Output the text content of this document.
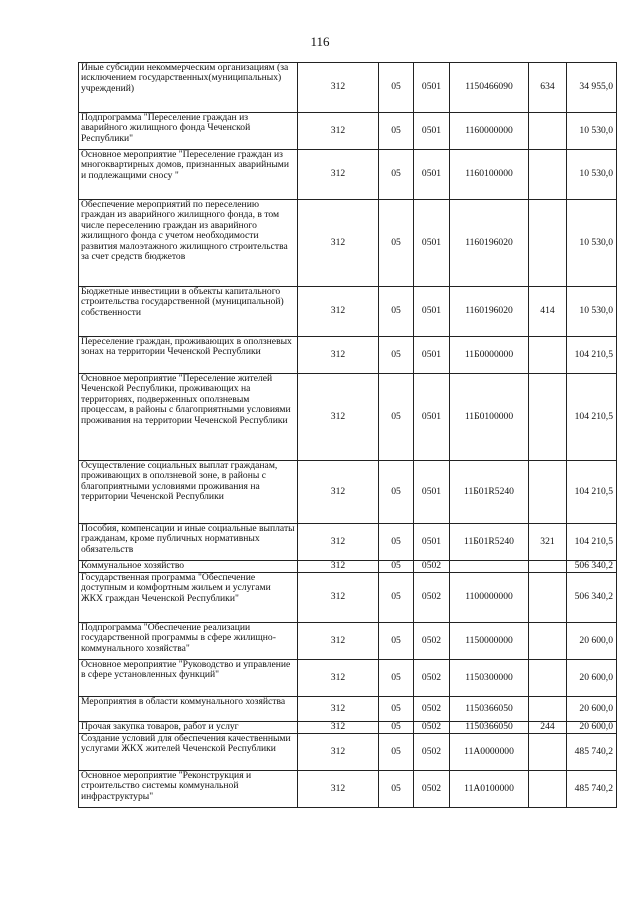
116
Иные субсидии некоммерческим организациям (за исключением государственных(муниципальных) учреждений)	312	05	0501	1150466090	634	34 955,0
Подпрограмма "Переселение граждан из аварийного жилищного фонда Чеченской Республики"	312	05	0501	1160000000		10 530,0
Основное мероприятие "Переселение граждан из многоквартирных домов, признанных аварийными и подлежащими сносу "	312	05	0501	1160100000		10 530,0
Обеспечение мероприятий по переселению граждан из аварийного жилищного фонда, в том числе переселению граждан из аварийного жилищного фонда с учетом необходимости развития малоэтажного жилищного строительства за счет средств бюджетов	312	05	0501	1160196020		10 530,0
Бюджетные инвестиции в объекты капитального строительства государственной (муниципальной) собственности	312	05	0501	1160196020	414	10 530,0
Переселение граждан, проживающих в оползневых зонах на территории Чеченской Республики	312	05	0501	11Б0000000		104 210,5
Основное мероприятие "Переселение жителей Чеченской Республики, проживающих на территориях, подверженных оползневым процессам, в районы с благоприятными условиями проживания на территории Чеченской Республики	312	05	0501	11Б0100000		104 210,5
Осуществление социальных выплат гражданам, проживающих в оползневой зоне, в районы с благоприятными условиями проживания на территории Чеченской Республики	312	05	0501	11Б01R5240		104 210,5
Пособия, компенсации и иные социальные выплаты гражданам, кроме публичных нормативных обязательств	312	05	0501	11Б01R5240	321	104 210,5
Коммунальное хозяйство	312	05	0502			506 340,2
Государственная программа "Обеспечение доступным и комфортным жильем и услугами ЖКХ граждан Чеченской Республики"	312	05	0502	1100000000		506 340,2
Подпрограмма "Обеспечение реализации государственной программы в сфере жилищно-коммунального хозяйства"	312	05	0502	1150000000		20 600,0
Основное мероприятие "Руководство и управление в сфере установленных функций"	312	05	0502	1150300000		20 600,0
Мероприятия в области коммунального хозяйства	312	05	0502	1150366050		20 600,0
Прочая закупка товаров, работ и услуг	312	05	0502	1150366050	244	20 600,0
Создание условий для обеспечения качественными услугами ЖКХ жителей Чеченской Республики	312	05	0502	11А0000000		485 740,2
Основное мероприятие "Реконструкция и строительство системы коммунальной инфраструктуры"	312	05	0502	11А0100000		485 740,2
